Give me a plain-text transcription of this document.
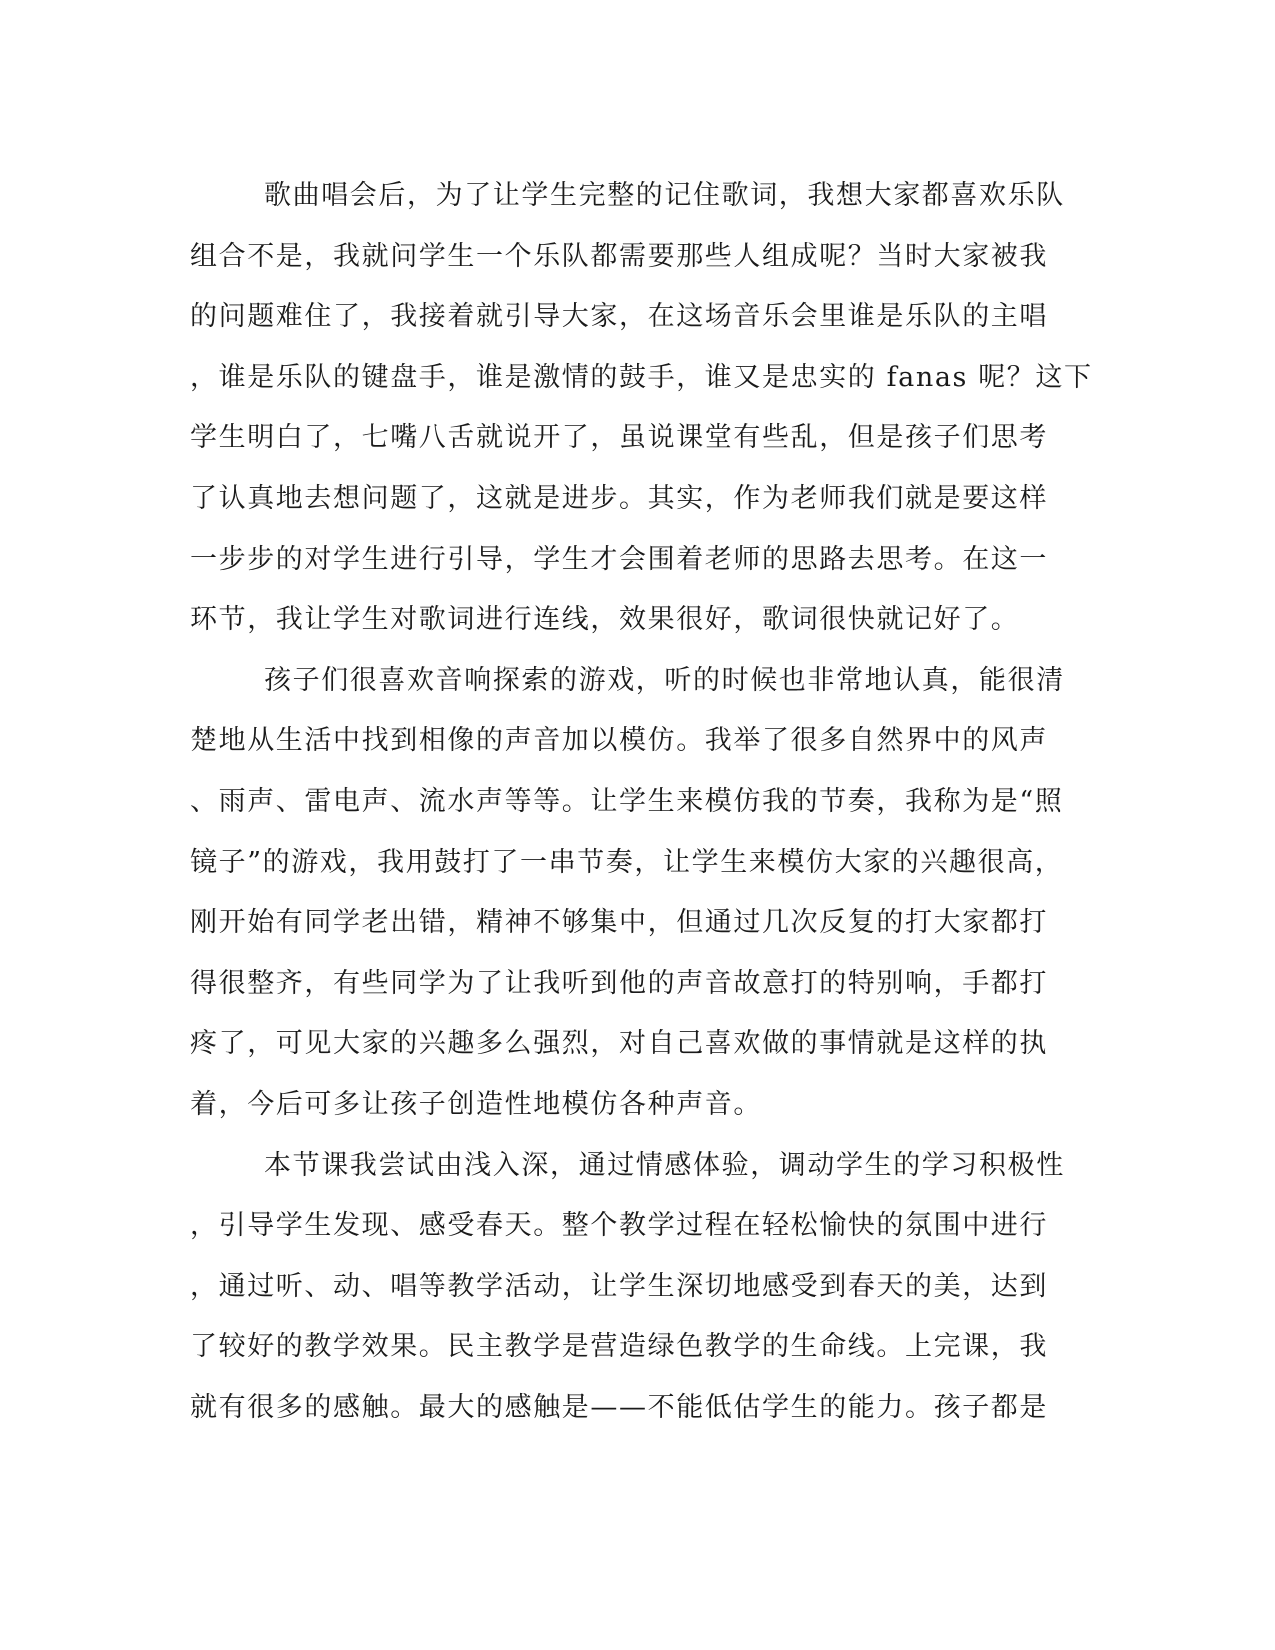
歌曲唱会后，为了让学生完整的记住歌词，我想大家都喜欢乐队
组合不是，我就问学生一个乐队都需要那些人组成呢？当时大家被我
的问题难住了，我接着就引导大家，在这场音乐会里谁是乐队的主唱
，谁是乐队的键盘手，谁是激情的鼓手，谁又是忠实的 fanas 呢？这下
学生明白了，七嘴八舌就说开了，虽说课堂有些乱，但是孩子们思考
了认真地去想问题了，这就是进步。其实，作为老师我们就是要这样
一步步的对学生进行引导，学生才会围着老师的思路去思考。在这一
环节，我让学生对歌词进行连线，效果很好，歌词很快就记好了。
孩子们很喜欢音响探索的游戏，听的时候也非常地认真，能很清
楚地从生活中找到相像的声音加以模仿。我举了很多自然界中的风声
、雨声、雷电声、流水声等等。让学生来模仿我的节奏，我称为是“照
镜子”的游戏，我用鼓打了一串节奏，让学生来模仿大家的兴趣很高，
刚开始有同学老出错，精神不够集中，但通过几次反复的打大家都打
得很整齐，有些同学为了让我听到他的声音故意打的特别响，手都打
疼了，可见大家的兴趣多么强烈，对自己喜欢做的事情就是这样的执
着，今后可多让孩子创造性地模仿各种声音。
本节课我尝试由浅入深，通过情感体验，调动学生的学习积极性
，引导学生发现、感受春天。整个教学过程在轻松愉快的氛围中进行
，通过听、动、唱等教学活动，让学生深切地感受到春天的美，达到
了较好的教学效果。民主教学是营造绿色教学的生命线。上完课，我
就有很多的感触。最大的感触是——不能低估学生的能力。孩子都是
